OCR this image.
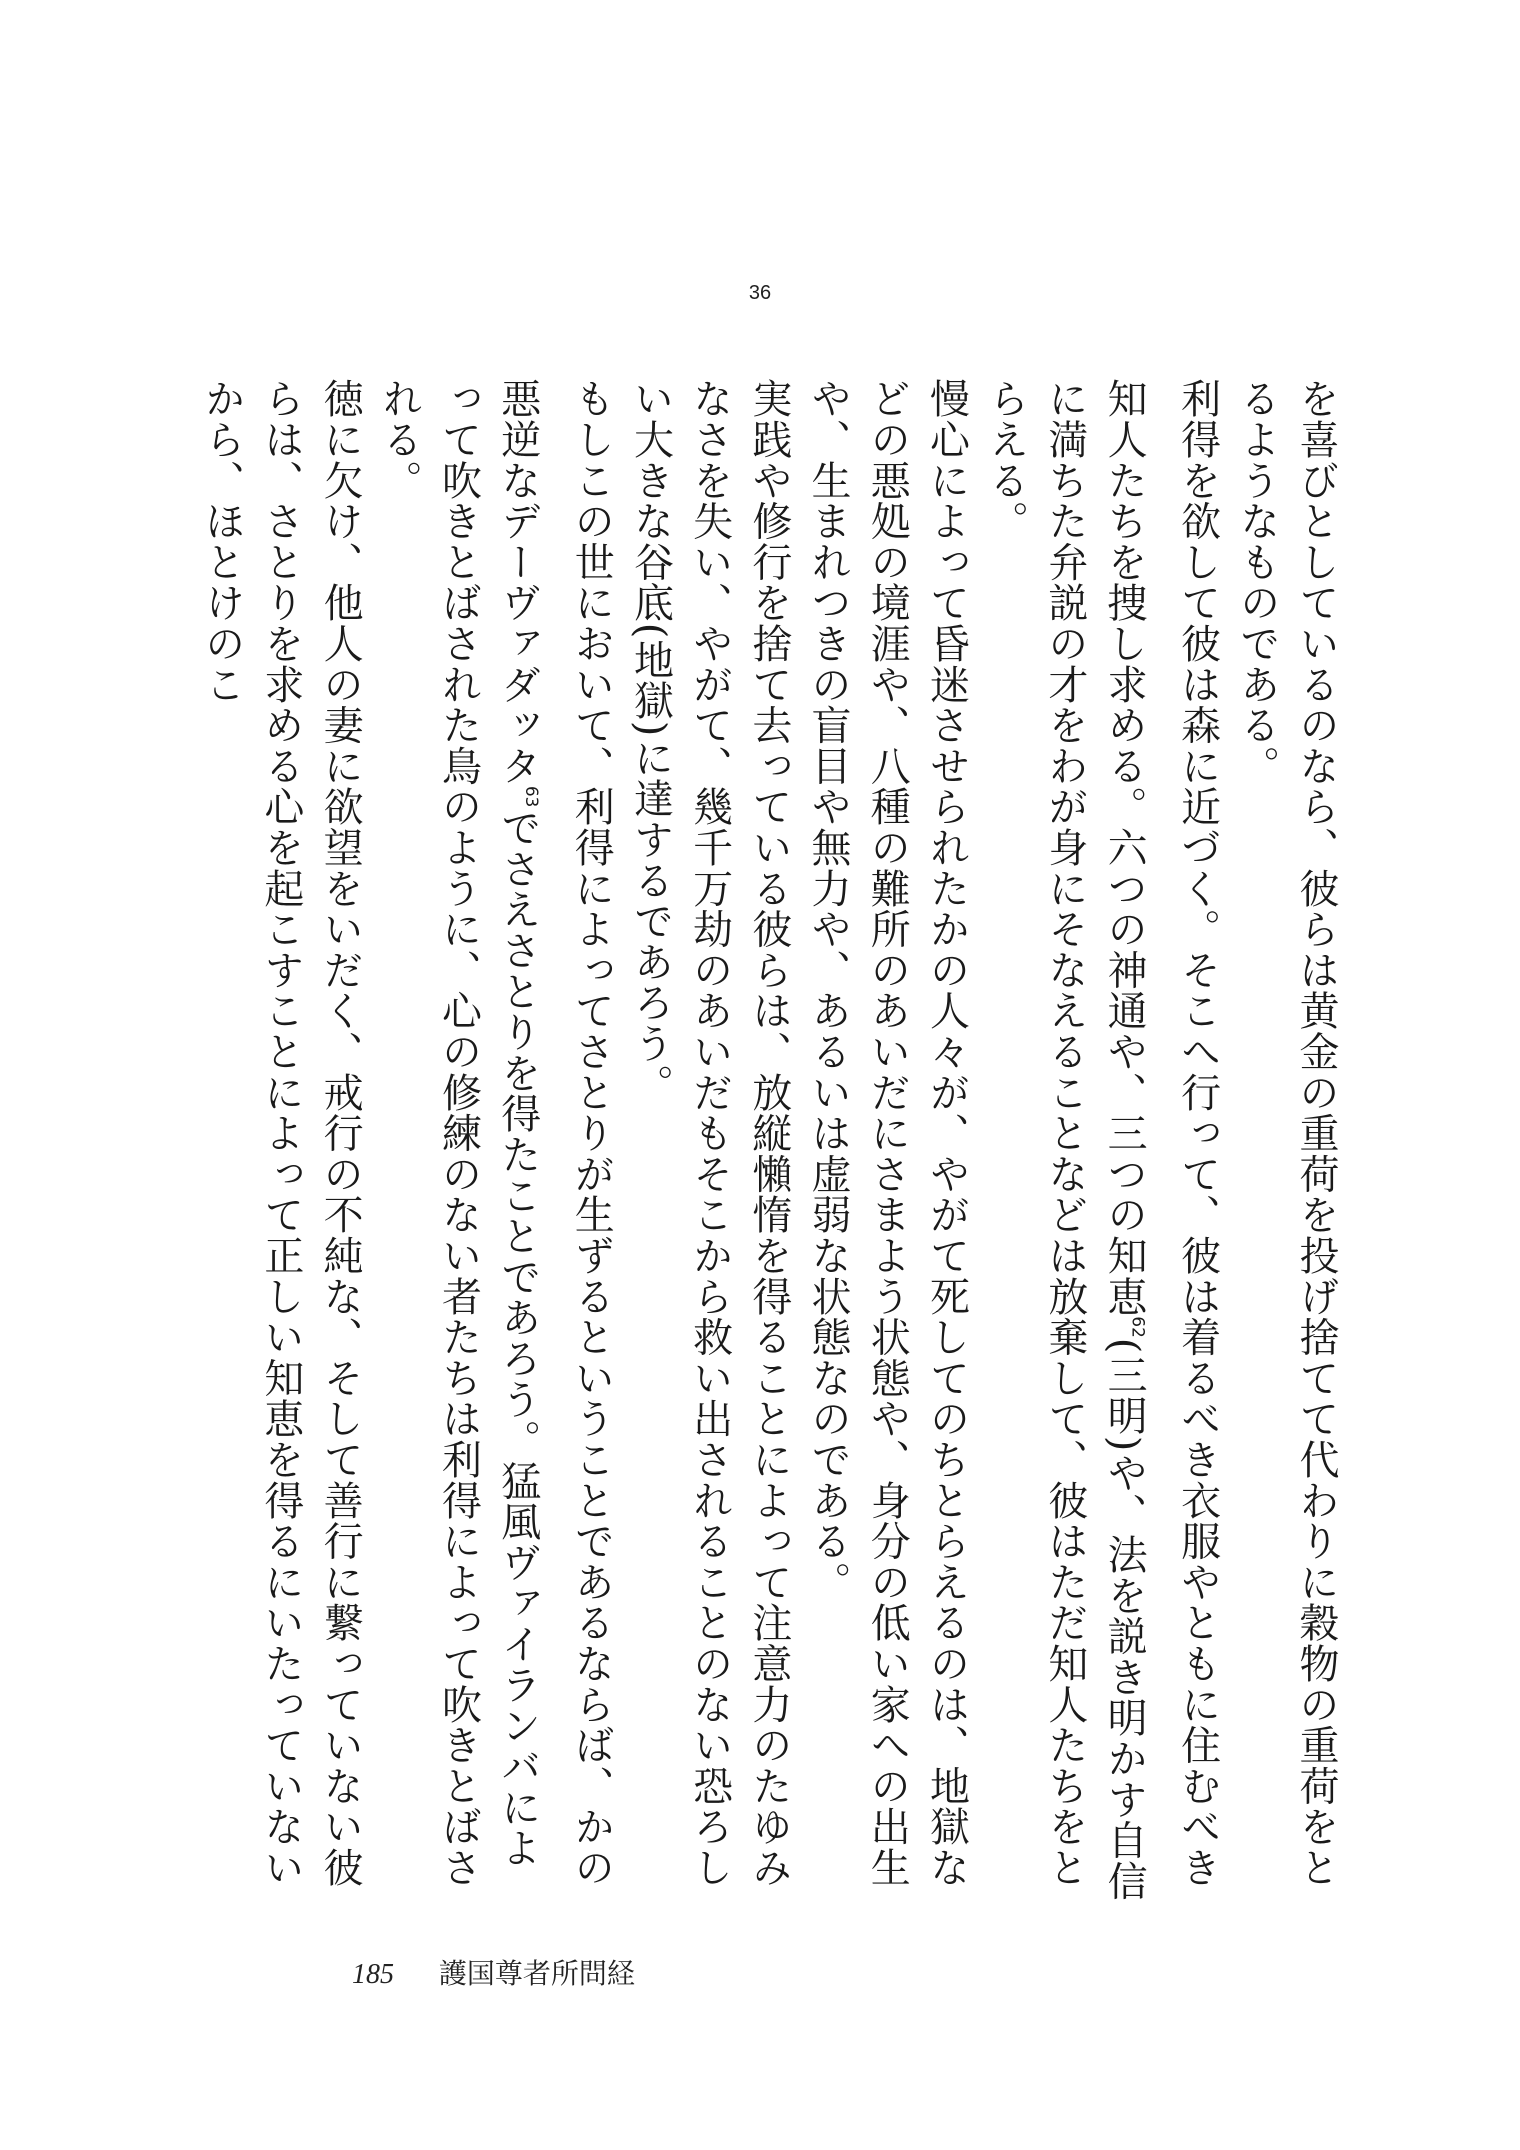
36

を喜びとしているのなら、彼らは黄金の重荷を投げ捨てて代わりに穀物の重荷をとるようなものである。

利得を欲して彼は森に近づく。そこへ行って、彼は着るべき衣服やともに住むべき知人たちを捜し求める。六つの神通や、三つの知恵$^{62}$(三明)や、法を説き明かす自信に満ちた弁説の才をわが身にそなえることなどは放棄して、彼はただ知人たちをとらえる。

慢心によって昏迷させられたかの人々が、やがて死してのちとらえるのは、地獄などの悪処の境涯や、八種の難所のあいだにさまよう状態や、身分の低い家への出生や、生まれつきの盲目や無力や、あるいは虚弱な状態なのである。

実践や修行を捨て去っている彼らは、放縦懶惰を得ることによって注意力のたゆみなさを失い、やがて、幾千万劫のあいだもそこから救い出されることのない恐ろしい大きな谷底(地獄)に達するであろう。

もしこの世において、利得によってさとりが生ずるということであるならば、かの悪逆なデーヴァダッタ$^{63}$でさえさとりを得たことであろう。猛風ヴァイランバによって吹きとばされた鳥のように、心の修練のない者たちは利得によって吹きとばされる。

徳に欠け、他人の妻に欲望をいだく、戒行の不純な、そして善行に繋っていない彼らは、さとりを求める心を起こすことによって正しい知恵を得るにいたっていないから、ほとけのこ

185 護国尊者所問経
